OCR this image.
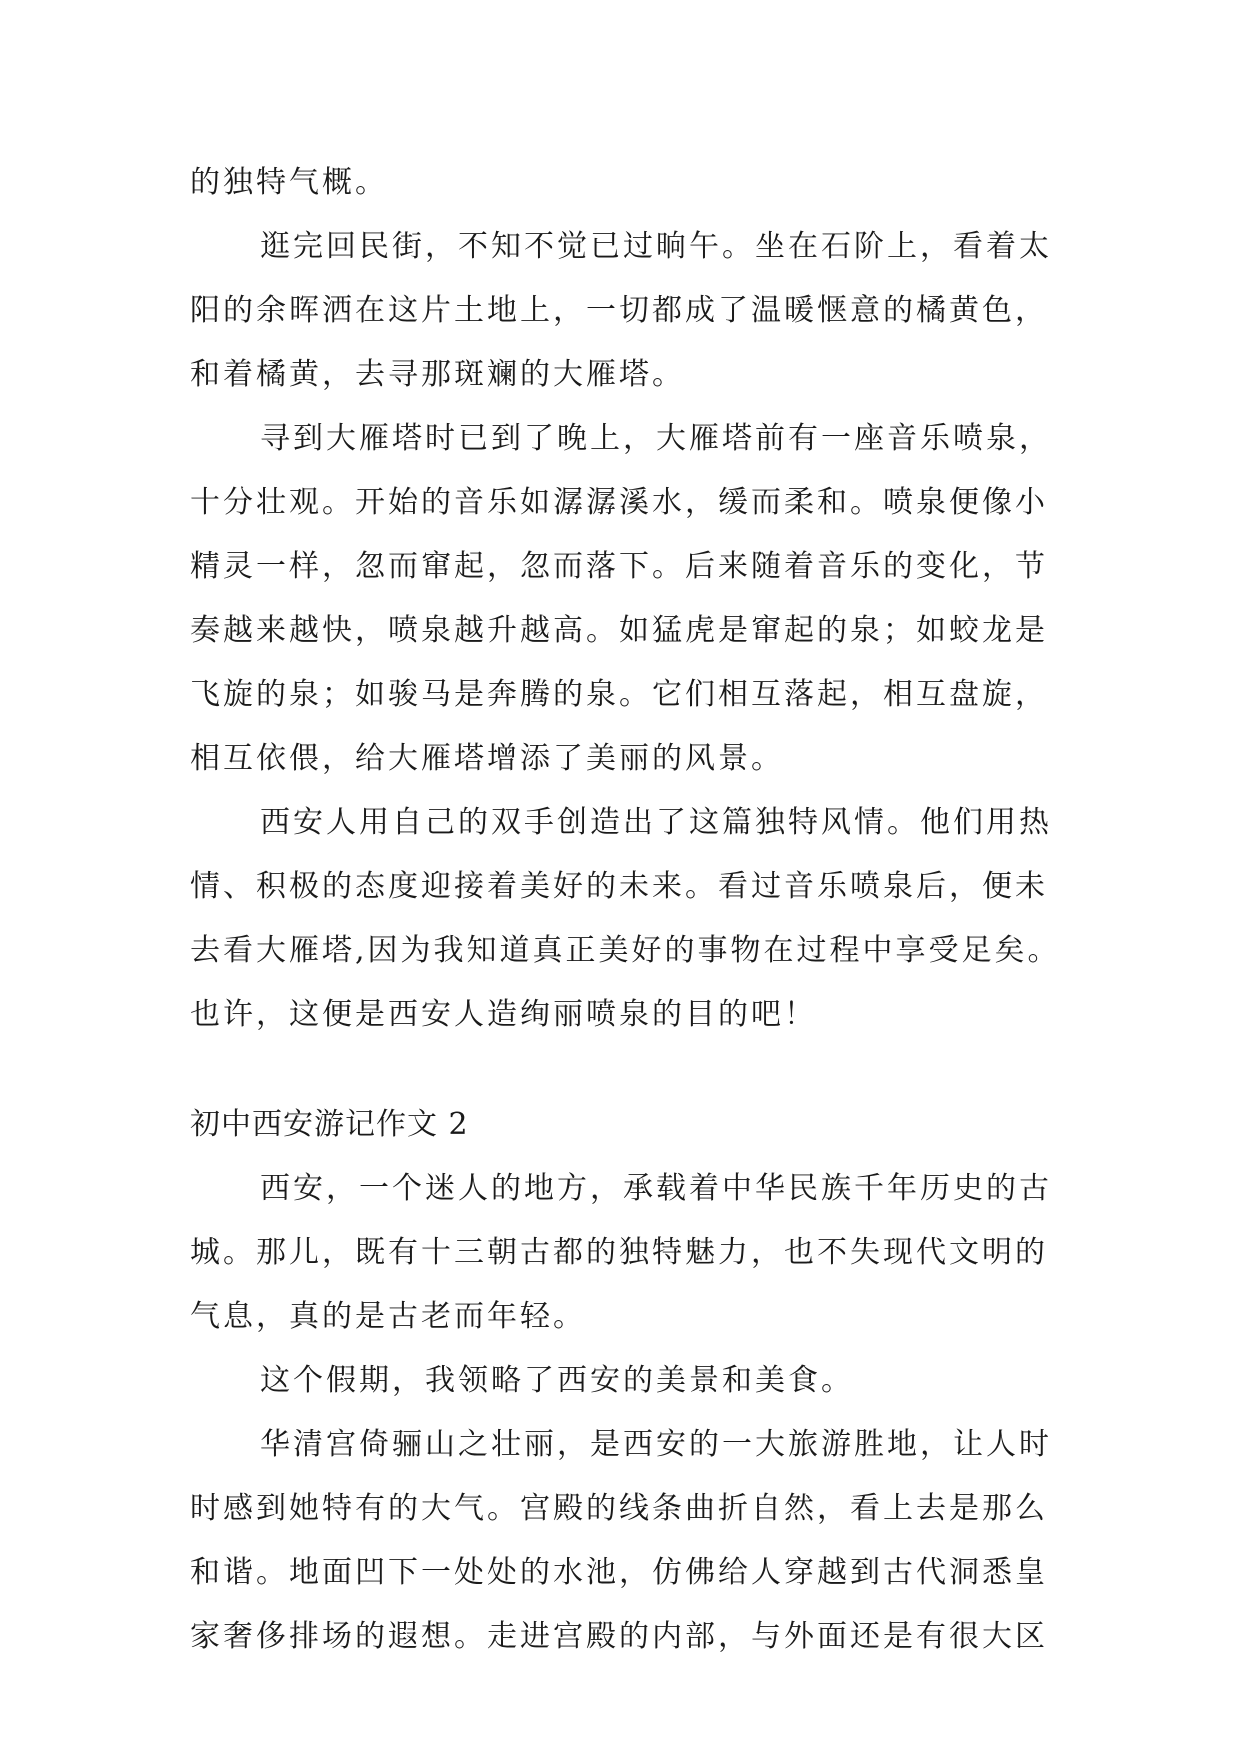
的独特气概。
逛完回民街，不知不觉已过晌午。坐在石阶上，看着太
阳的余晖洒在这片土地上，一切都成了温暖惬意的橘黄色，
和着橘黄，去寻那斑斓的大雁塔。
寻到大雁塔时已到了晚上，大雁塔前有一座音乐喷泉，
十分壮观。开始的音乐如潺潺溪水，缓而柔和。喷泉便像小
精灵一样，忽而窜起，忽而落下。后来随着音乐的变化，节
奏越来越快，喷泉越升越高。如猛虎是窜起的泉；如蛟龙是
飞旋的泉；如骏马是奔腾的泉。它们相互落起，相互盘旋，
相互依偎，给大雁塔增添了美丽的风景。
西安人用自己的双手创造出了这篇独特风情。他们用热
情、积极的态度迎接着美好的未来。看过音乐喷泉后，便未
去看大雁塔,因为我知道真正美好的事物在过程中享受足矣。
也许，这便是西安人造绚丽喷泉的目的吧！
初中西安游记作文 2
西安，一个迷人的地方，承载着中华民族千年历史的古
城。那儿，既有十三朝古都的独特魅力，也不失现代文明的
气息，真的是古老而年轻。
这个假期，我领略了西安的美景和美食。
华清宫倚骊山之壮丽，是西安的一大旅游胜地，让人时
时感到她特有的大气。宫殿的线条曲折自然，看上去是那么
和谐。地面凹下一处处的水池，仿佛给人穿越到古代洞悉皇
家奢侈排场的遐想。走进宫殿的内部，与外面还是有很大区
